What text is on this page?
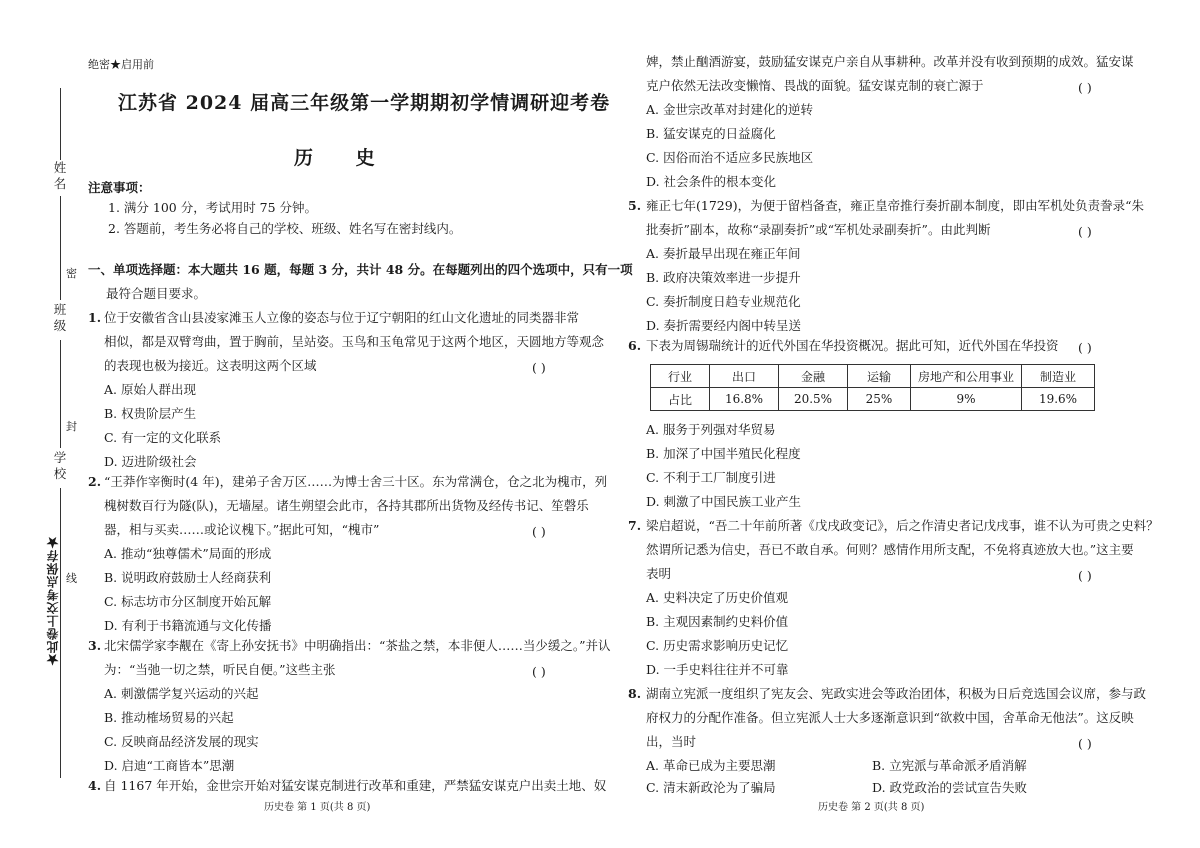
姓名
班级
学校
密
封
线
★此卷上交考点保存★
绝密★启用前
江苏省 2024 届高三年级第一学期期初学情调研迎考卷
历 史
注意事项：
1. 满分 100 分，考试用时 75 分钟。
2. 答题前，考生务必将自己的学校、班级、姓名写在密封线内。
一、单项选择题：本大题共 16 题，每题 3 分，共计 48 分。在每题列出的四个选项中，只有一项
最符合题目要求。
1. 位于安徽省含山县凌家滩玉人立像的姿态与位于辽宁朝阳的红山文化遗址的同类器非常
相似，都是双臂弯曲，置于胸前，呈站姿。玉鸟和玉龟常见于这两个地区，天圆地方等观念
的表现也极为接近。这表明这两个区域	( )
A. 原始人群出现
B. 权贵阶层产生
C. 有一定的文化联系
D. 迈进阶级社会
2. “王莽作宰衡时(4 年)，建弟子舍万区……为博士舍三十区。东为常满仓，仓之北为槐市，列
槐树数百行为隧(队)，无墙屋。诸生朔望会此市，各持其郡所出货物及经传书记、笙磬乐
器，相与买卖……或论议槐下。”据此可知，“槐市”	( )
A. 推动“独尊儒术”局面的形成
B. 说明政府鼓励士人经商获利
C. 标志坊市分区制度开始瓦解
D. 有利于书籍流通与文化传播
3. 北宋儒学家李觏在《寄上孙安抚书》中明确指出：“茶盐之禁，本非便人……当少缓之。”并认
为：“当弛一切之禁，听民自便。”这些主张	( )
A. 刺激儒学复兴运动的兴起
B. 推动榷场贸易的兴起
C. 反映商品经济发展的现实
D. 启迪“工商皆本”思潮
4. 自 1167 年开始，金世宗开始对猛安谋克制进行改革和重建，严禁猛安谋克户出卖土地、奴
历史卷 第 1 页(共 8 页)
婢，禁止酗酒游宴，鼓励猛安谋克户亲自从事耕种。改革并没有收到预期的成效。猛安谋
克户依然无法改变懒惰、畏战的面貌。猛安谋克制的衰亡源于	( )
A. 金世宗改革对封建化的逆转
B. 猛安谋克的日益腐化
C. 因俗而治不适应多民族地区
D. 社会条件的根本变化
5. 雍正七年(1729)，为便于留档备查，雍正皇帝推行奏折副本制度，即由军机处负责誊录“朱
批奏折”副本，故称“录副奏折”或“军机处录副奏折”。由此判断	( )
A. 奏折最早出现在雍正年间
B. 政府决策效率进一步提升
C. 奏折制度日趋专业规范化
D. 奏折需要经内阁中转呈送
6. 下表为周锡瑞统计的近代外国在华投资概况。据此可知，近代外国在华投资 ( )
行业	出口	金融	运输	房地产和公用事业	制造业
占比	16.8%	20.5%	25%	9%	19.6%
A. 服务于列强对华贸易
B. 加深了中国半殖民化程度
C. 不利于工厂制度引进
D. 刺激了中国民族工业产生
7. 梁启超说，“吾二十年前所著《戊戌政变记》，后之作清史者记戊戌事，谁不认为可贵之史料？
然谓所记悉为信史，吾已不敢自承。何则？感情作用所支配，不免将真迹放大也。”这主要
表明	( )
A. 史料决定了历史价值观
B. 主观因素制约史料价值
C. 历史需求影响历史记忆
D. 一手史料往往并不可靠
8. 湖南立宪派一度组织了宪友会、宪政实进会等政治团体，积极为日后竞选国会议席，参与政
府权力的分配作准备。但立宪派人士大多逐渐意识到“欲救中国，舍革命无他法”。这反映
出，当时	( )
A. 革命已成为主要思潮	B. 立宪派与革命派矛盾消解
C. 清末新政沦为了骗局	D. 政党政治的尝试宣告失败
历史卷 第 2 页(共 8 页)
